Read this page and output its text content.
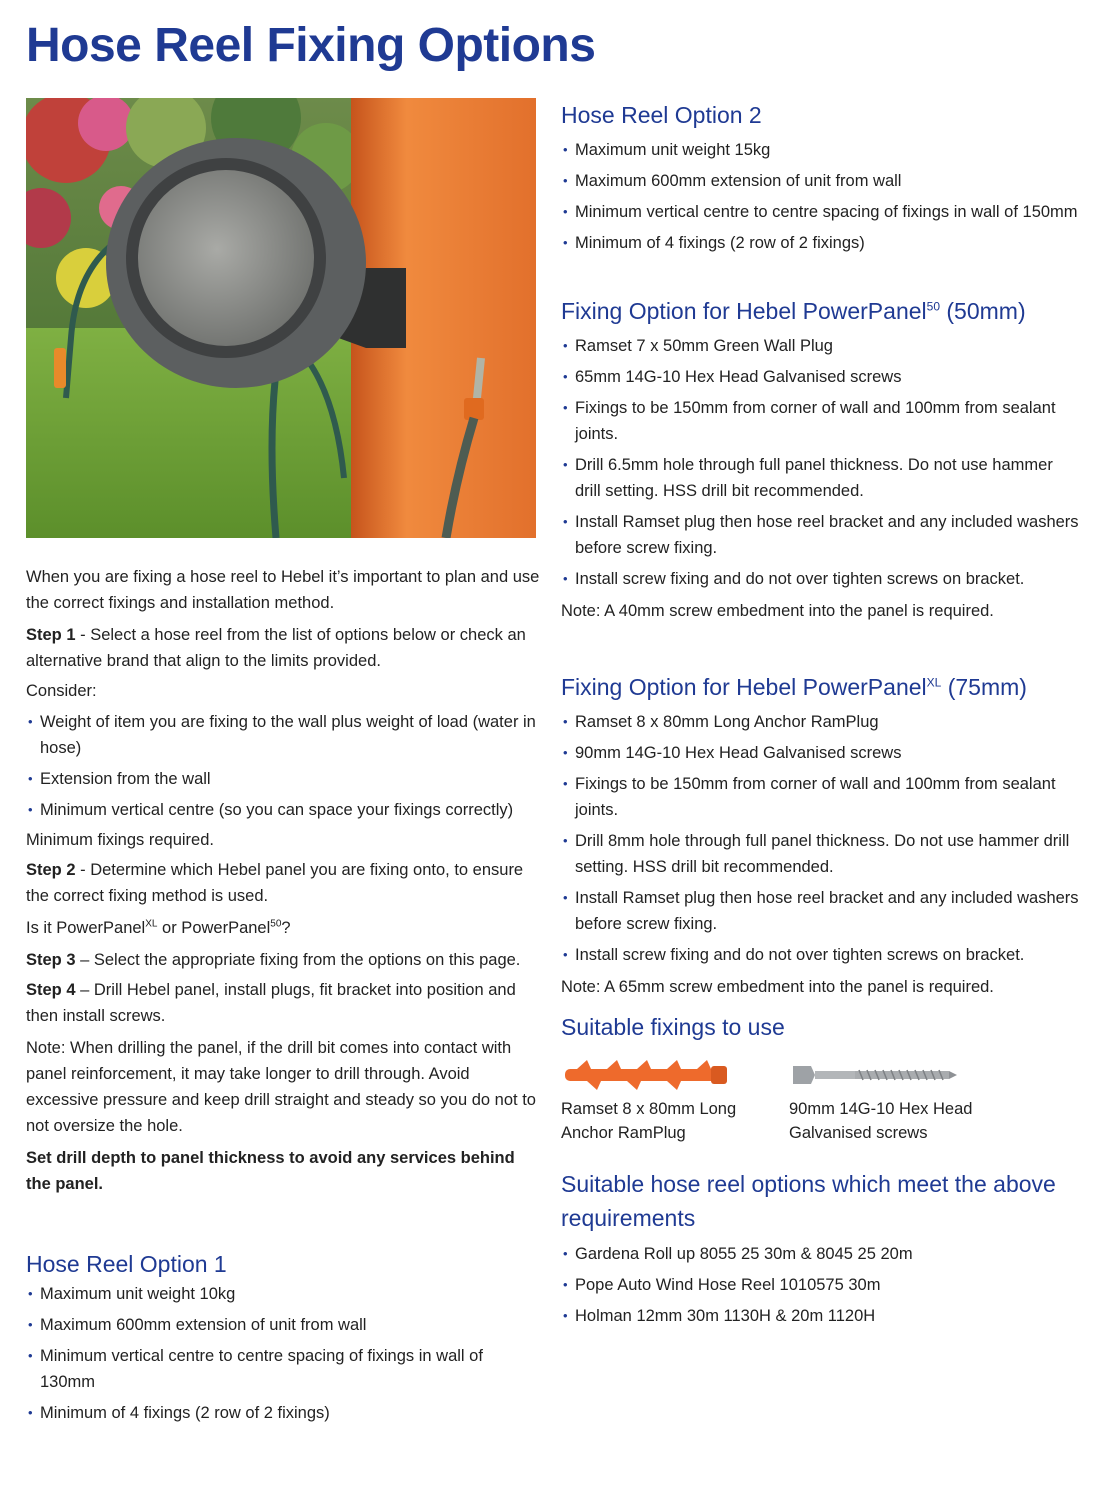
Hose Reel Fixing Options

When you are fixing a hose reel to Hebel it’s important to plan and use the correct fixings and installation method.

Step 1 - Select a hose reel from the list of options below or check an alternative brand that align to the limits provided.

Consider:

• Weight of item you are fixing to the wall plus weight of load (water in hose)
• Extension from the wall
• Minimum vertical centre (so you can space your fixings correctly)

Minimum fixings required.

Step 2 - Determine which Hebel panel you are fixing onto, to ensure the correct fixing method is used.

Is it PowerPanel$^{XL}$ or PowerPanel$^{50}$?

Step 3 – Select the appropriate fixing from the options on this page.

Step 4 – Drill Hebel panel, install plugs, fit bracket into position and then install screws.

Note: When drilling the panel, if the drill bit comes into contact with panel reinforcement, it may take longer to drill through. Avoid excessive pressure and keep drill straight and steady so you do not to not oversize the hole.

Set drill depth to panel thickness to avoid any services behind the panel.

Hose Reel Option 1
• Maximum unit weight 10kg
• Maximum 600mm extension of unit from wall
• Minimum vertical centre to centre spacing of fixings in wall of 130mm
• Minimum of 4 fixings (2 row of 2 fixings)
Hose Reel Option 2
• Maximum unit weight 15kg
• Maximum 600mm extension of unit from wall
• Minimum vertical centre to centre spacing of fixings in wall of 150mm
• Minimum of 4 fixings (2 row of 2 fixings)
Fixing Option for Hebel PowerPanel$^{50}$ (50mm)
• Ramset 7 x 50mm Green Wall Plug
• 65mm 14G-10 Hex Head Galvanised screws
• Fixings to be 150mm from corner of wall and 100mm from sealant joints.
• Drill 6.5mm hole through full panel thickness. Do not use hammer drill setting. HSS drill bit recommended.
• Install Ramset plug then hose reel bracket and any included washers before screw fixing.
• Install screw fixing and do not over tighten screws on bracket.

Note: A 40mm screw embedment into the panel is required.

Fixing Option for Hebel PowerPanel$^{XL}$ (75mm)
• Ramset 8 x 80mm Long Anchor RamPlug
• 90mm 14G-10 Hex Head Galvanised screws
• Fixings to be 150mm from corner of wall and 100mm from sealant joints.
• Drill 8mm hole through full panel thickness. Do not use hammer drill setting. HSS drill bit recommended.
• Install Ramset plug then hose reel bracket and any included washers before screw fixing.
• Install screw fixing and do not over tighten screws on bracket.

Note: A 65mm screw embedment into the panel is required.

Suitable fixings to use

Ramset 8 x 80mm Long Anchor RamPlug

90mm 14G-10 Hex Head Galvanised screws

Suitable hose reel options which meet the above requirements
• Gardena Roll up 8055 25 30m & 8045 25 20m
• Pope Auto Wind Hose Reel 1010575 30m
• Holman 12mm 30m 1130H & 20m 1120H
